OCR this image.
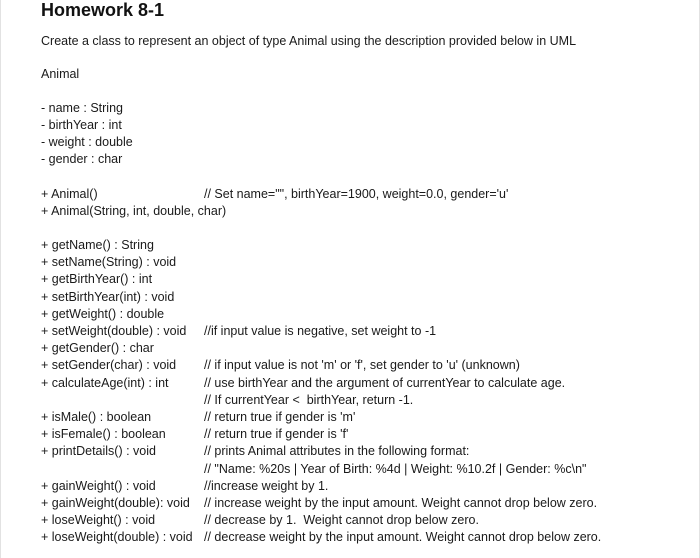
Homework 8-1
Create a class to represent an object of type Animal using the description provided below in UML
Animal
- name : String
- birthYear : int
- weight : double
- gender : char
+ Animal()	// Set name="", birthYear=1900, weight=0.0, gender='u'
+ Animal(String, int, double, char)
+ getName() : String
+ setName(String) : void
+ getBirthYear() : int
+ setBirthYear(int) : void
+ getWeight() : double
+ setWeight(double) : void //if input value is negative, set weight to -1
+ getGender() : char
+ setGender(char) : void // if input value is not 'm' or 'f', set gender to 'u' (unknown)
+ calculateAge(int) : int	// use birthYear and the argument of currentYear to calculate age.
// If currentYear <  birthYear, return -1.
+ isMale() : boolean	// return true if gender is 'm'
+ isFemale() : boolean	// return true if gender is 'f'
+ printDetails() : void	// prints Animal attributes in the following format:
// "Name: %20s | Year of Birth: %4d | Weight: %10.2f | Gender: %c\n"
+ gainWeight() : void	//increase weight by 1.
+ gainWeight(double): void // increase weight by the input amount. Weight cannot drop below zero.
+ loseWeight() : void	// decrease by 1.  Weight cannot drop below zero.
+ loseWeight(double) : void // decrease weight by the input amount. Weight cannot drop below zero.
